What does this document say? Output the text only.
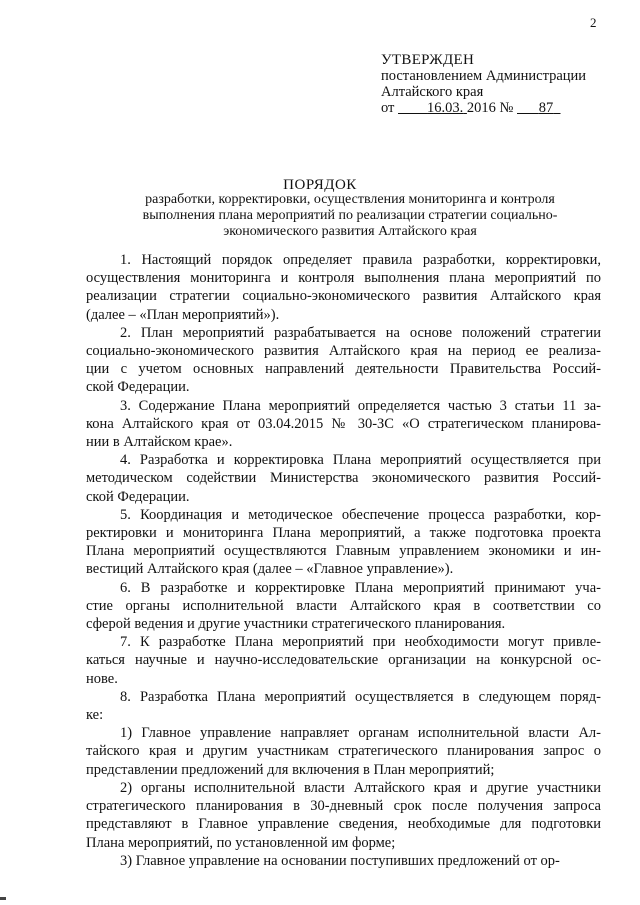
2
УТВЕРЖДЕН
постановлением Администрации
Алтайского края
от 16.03. 2016 № 87
ПОРЯДОК
разработки, корректировки, осуществления мониторинга и контроля
выполнения плана мероприятий по реализации стратегии социально-
экономического развития Алтайского края
1. Настоящий порядок определяет правила разработки, корректировки,
осуществления мониторинга и контроля выполнения плана мероприятий по
реализации стратегии социально-экономического развития Алтайского края
(далее – «План мероприятий»).
2. План мероприятий разрабатывается на основе положений стратегии
социально-экономического развития Алтайского края на период ее реализа-
ции с учетом основных направлений деятельности Правительства Россий-
ской Федерации.
3. Содержание Плана мероприятий определяется частью 3 статьи 11 за-
кона Алтайского края от 03.04.2015 № 30-ЗС «О стратегическом планирова-
нии в Алтайском крае».
4. Разработка и корректировка Плана мероприятий осуществляется при
методическом содействии Министерства экономического развития Россий-
ской Федерации.
5. Координация и методическое обеспечение процесса разработки, кор-
ректировки и мониторинга Плана мероприятий, а также подготовка проекта
Плана мероприятий осуществляются Главным управлением экономики и ин-
вестиций Алтайского края (далее – «Главное управление»).
6. В разработке и корректировке Плана мероприятий принимают уча-
стие органы исполнительной власти Алтайского края в соответствии со
сферой ведения и другие участники стратегического планирования.
7. К разработке Плана мероприятий при необходимости могут привле-
каться научные и научно-исследовательские организации на конкурсной ос-
нове.
8. Разработка Плана мероприятий осуществляется в следующем поряд-
ке:
1) Главное управление направляет органам исполнительной власти Ал-
тайского края и другим участникам стратегического планирования запрос о
представлении предложений для включения в План мероприятий;
2) органы исполнительной власти Алтайского края и другие участники
стратегического планирования в 30-дневный срок после получения запроса
представляют в Главное управление сведения, необходимые для подготовки
Плана мероприятий, по установленной им форме;
3) Главное управление на основании поступивших предложений от ор-
